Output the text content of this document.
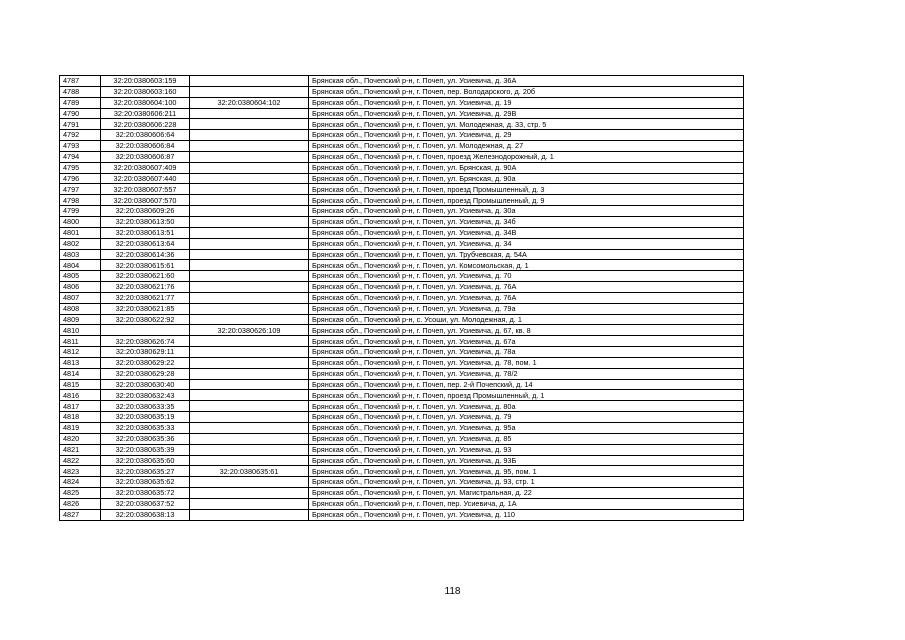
4787	32:20:0380603:159		Брянская обл., Почепский р-н, г. Почеп, ул. Усиевича, д. 36А
4788	32:20:0380603:160		Брянская обл., Почепский р-н, г. Почеп, пер. Володарского, д. 20б
4789	32:20:0380604:100	32:20:0380604:102	Брянская обл., Почепский р-н, г. Почеп, ул. Усиевича, д. 19
4790	32:20:0380606:211		Брянская обл., Почепский р-н, г. Почеп, ул. Усиевича, д. 29В
4791	32:20:0380606:228		Брянская обл., Почепский р-н, г. Почеп, ул. Молодежная, д. 33, стр. 5
4792	32:20:0380606:64		Брянская обл., Почепский р-н, г. Почеп, ул. Усиевича, д. 29
4793	32:20:0380606:84		Брянская обл., Почепский р-н, г. Почеп, ул. Молодежная, д. 27
4794	32:20:0380606:87		Брянская обл., Почепский р-н, г. Почеп, проезд Железнодорожный, д. 1
4795	32:20:0380607:409		Брянская обл., Почепский р-н, г. Почеп, ул. Брянская, д. 90А
4796	32:20:0380607:440		Брянская обл., Почепский р-н, г. Почеп, ул. Брянская, д. 90а
4797	32:20:0380607:557		Брянская обл., Почепский р-н, г. Почеп, проезд Промышленный, д. 3
4798	32:20:0380607:570		Брянская обл., Почепский р-н, г. Почеп, проезд Промышленный, д. 9
4799	32:20:0380609:26		Брянская обл., Почепский р-н, г. Почеп, ул. Усиевича, д. 30а
4800	32:20:0380613:50		Брянская обл., Почепский р-н, г. Почеп, ул. Усиевича, д. 34б
4801	32:20:0380613:51		Брянская обл., Почепский р-н, г. Почеп, ул. Усиевича, д. 34В
4802	32:20:0380613:64		Брянская обл., Почепский р-н, г. Почеп, ул. Усиевича, д. 34
4803	32:20:0380614:36		Брянская обл., Почепский р-н, г. Почеп, ул. Трубчевская, д. 54А
4804	32:20:0380615:61		Брянская обл., Почепский р-н, г. Почеп, ул. Комсомольская, д. 1
4805	32:20:0380621:60		Брянская обл., Почепский р-н, г. Почеп, ул. Усиевича, д. 70
4806	32:20:0380621:76		Брянская обл., Почепский р-н, г. Почеп, ул. Усиевича, д. 76А
4807	32:20:0380621:77		Брянская обл., Почепский р-н, г. Почеп, ул. Усиевича, д. 76А
4808	32:20:0380621:85		Брянская обл., Почепский р-н, г. Почеп, ул. Усиевича, д. 79а
4809	32:20:0380622:92		Брянская обл., Почепский р-н, с. Усоши, ул. Молодежная, д. 1
4810		32:20:0380626:109	Брянская обл., Почепский р-н, г. Почеп, ул. Усиевича, д. 67, кв. 8
4811	32:20:0380626:74		Брянская обл., Почепский р-н, г. Почеп, ул. Усиевича, д. 67а
4812	32:20:0380629:11		Брянская обл., Почепский р-н, г. Почеп, ул. Усиевича, д. 78а
4813	32:20:0380629:22		Брянская обл., Почепский р-н, г. Почеп, ул. Усиевича, д. 78, пом. 1
4814	32:20:0380629:28		Брянская обл., Почепский р-н, г. Почеп, ул. Усиевича, д. 78/2
4815	32:20:0380630:40		Брянская обл., Почепский р-н, г. Почеп, пер. 2-й Почепский, д. 14
4816	32:20:0380632:43		Брянская обл., Почепский р-н, г. Почеп, проезд Промышленный, д. 1
4817	32:20:0380633:35		Брянская обл., Почепский р-н, г. Почеп, ул. Усиевича, д. 80а
4818	32:20:0380635:19		Брянская обл., Почепский р-н, г. Почеп, ул. Усиевича, д. 79
4819	32:20:0380635:33		Брянская обл., Почепский р-н, г. Почеп, ул. Усиевича, д. 95а
4820	32:20:0380635:36		Брянская обл., Почепский р-н, г. Почеп, ул. Усиевича, д. 85
4821	32:20:0380635:39		Брянская обл., Почепский р-н, г. Почеп, ул. Усиевича, д. 93
4822	32:20:0380635:60		Брянская обл., Почепский р-н, г. Почеп, ул. Усиевича, д. 93Б
4823	32:20:0380635:27	32:20:0380635:61	Брянская обл., Почепский р-н, г. Почеп, ул. Усиевича, д. 95, пом. 1
4824	32:20:0380635:62		Брянская обл., Почепский р-н, г. Почеп, ул. Усиевича, д. 93, стр. 1
4825	32:20:0380635:72		Брянская обл., Почепский р-н, г. Почеп, ул. Магистральная, д. 22
4826	32:20:0380637:52		Брянская обл., Почепский р-н, г. Почеп, пер. Усиевича, д. 1А
4827	32:20:0380638:13		Брянская обл., Почепский р-н, г. Почеп, ул. Усиевича, д. 110
118
